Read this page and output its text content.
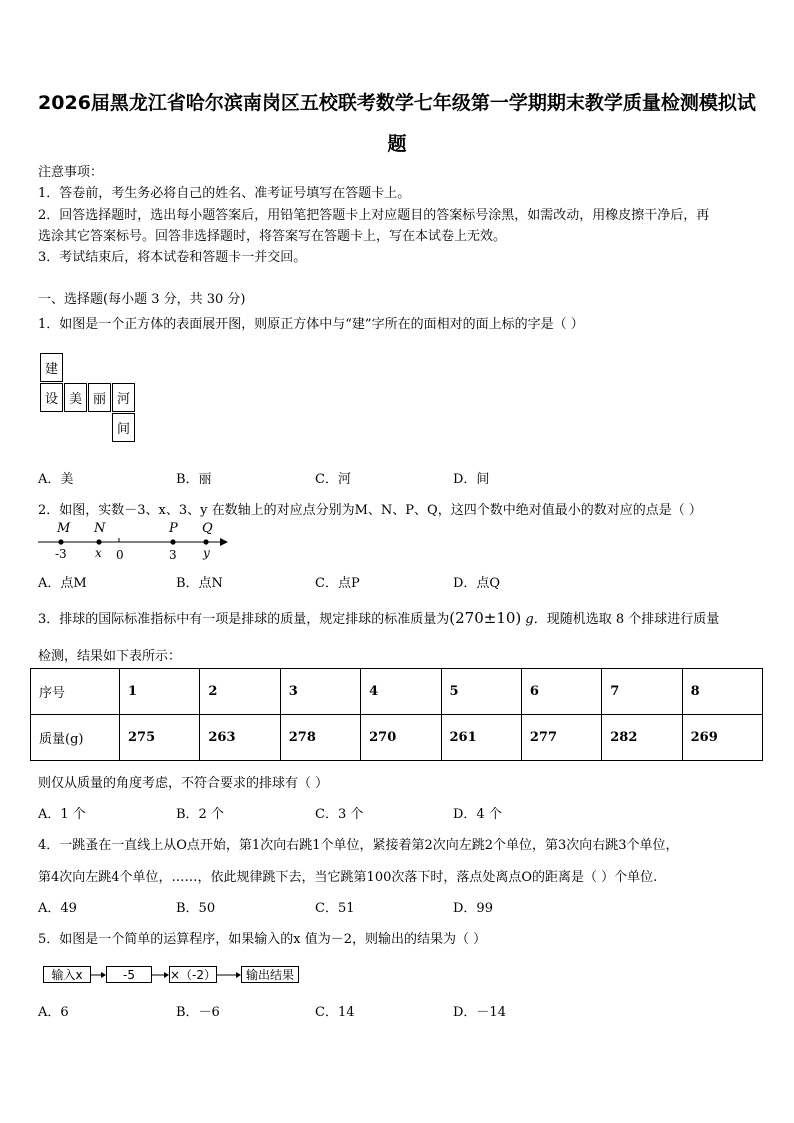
2026届黑龙江省哈尔滨南岗区五校联考数学七年级第一学期期末教学质量检测模拟试
题
注意事项：
1．答卷前，考生务必将自己的姓名、准考证号填写在答题卡上。
2．回答选择题时，选出每小题答案后，用铅笔把答题卡上对应题目的答案标号涂黑，如需改动，用橡皮擦干净后，再
选涂其它答案标号。回答非选择题时，将答案写在答题卡上，写在本试卷上无效。
3．考试结束后，将本试卷和答题卡一并交回。
一、选择题(每小题 3 分，共 30 分)
1．如图是一个正方体的表面展开图，则原正方体中与“建”字所在的面相对的面上标的字是（ ）
建
设 美 丽 河
间
A．美	B．丽	C．河	D．间
2．如图，实数－3、x、3、y 在数轴上的对应点分别为M、N、P、Q，这四个数中绝对值最小的数对应的点是（ ）
M N	P Q
-3 x 0	3 y
A．点M	B．点N	C．点P	D．点Q
3．排球的国际标准指标中有一项是排球的质量，规定排球的标准质量为(270±10) g．现随机选取 8 个排球进行质量
检测，结果如下表所示：
序号	1	2	3	4	5	6	7	8
质量(g)	275	263	278	270	261	277	282	269
则仅从质量的角度考虑，不符合要求的排球有（ ）
A．1 个	B．2 个	C．3 个	D．4 个
4．一跳蚤在一直线上从O点开始，第1次向右跳1个单位，紧接着第2次向左跳2个单位，第3次向右跳3个单位，
第4次向左跳4个单位，……，依此规律跳下去，当它跳第100次落下时，落点处离点O的距离是（ ）个单位.
A．49	B．50	C．51	D．99
5．如图是一个简单的运算程序，如果输入的x 值为－2，则输出的结果为（ ）
输入x	-5	×（-2）	输出结果
A．6	B．－6	C．14	D．－14
